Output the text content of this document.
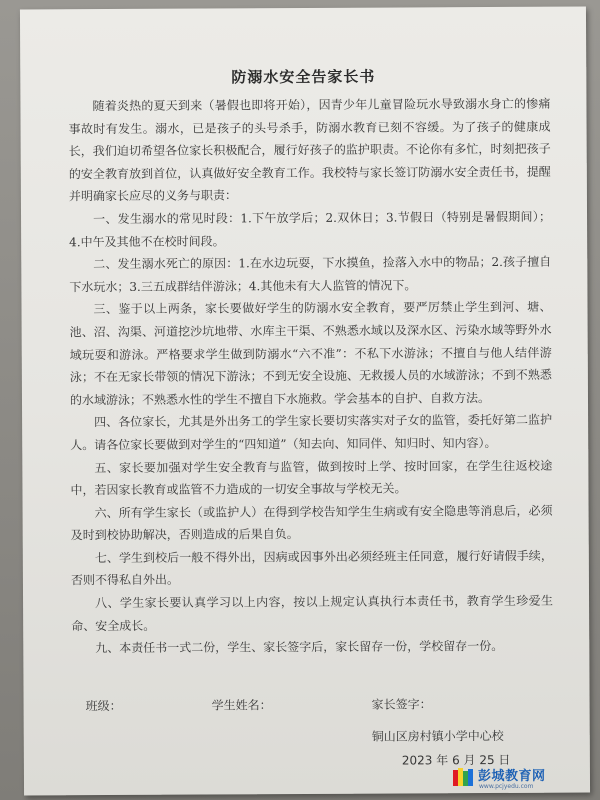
防溺水安全告家长书

随着炎热的夏天到来（暑假也即将开始），因青少年儿童冒险玩水导致溺水身亡的惨痛事故时有发生。溺水，已是孩子的头号杀手，防溺水教育已刻不容缓。为了孩子的健康成长，我们迫切希望各位家长积极配合，履行好孩子的监护职责。不论你有多忙，时刻把孩子的安全教育放到首位，认真做好安全教育工作。我校特与家长签订防溺水安全责任书，提醒并明确家长应尽的义务与职责：

一、发生溺水的常见时段：1.下午放学后；2.双休日；3.节假日（特别是暑假期间）；4.中午及其他不在校时间段。

二、发生溺水死亡的原因：1.在水边玩耍，下水摸鱼，捡落入水中的物品；2.孩子擅自下水玩水；3.三五成群结伴游泳；4.其他未有大人监管的情况下。

三、鉴于以上两条，家长要做好学生的防溺水安全教育，要严厉禁止学生到河、塘、池、沼、沟渠、河道挖沙坑地带、水库主干渠、不熟悉水域以及深水区、污染水域等野外水域玩耍和游泳。严格要求学生做到防溺水“六不准”：不私下水游泳；不擅自与他人结伴游泳；不在无家长带领的情况下游泳；不到无安全设施、无救援人员的水域游泳；不到不熟悉的水域游泳；不熟悉水性的学生不擅自下水施救。学会基本的自护、自救方法。

四、各位家长，尤其是外出务工的学生家长要切实落实对子女的监管，委托好第二监护人。请各位家长要做到对学生的“四知道”（知去向、知同伴、知归时、知内容）。

五、家长要加强对学生安全教育与监管，做到按时上学、按时回家，在学生往返校途中，若因家长教育或监管不力造成的一切安全事故与学校无关。

六、所有学生家长（或监护人）在得到学校告知学生生病或有安全隐患等消息后，必须及时到校协助解决，否则造成的后果自负。

七、学生到校后一般不得外出，因病或因事外出必须经班主任同意，履行好请假手续，否则不得私自外出。

八、学生家长要认真学习以上内容，按以上规定认真执行本责任书，教育学生珍爱生命、安全成长。

九、本责任书一式二份，学生、家长签字后，家长留存一份，学校留存一份。

班级：	学生姓名：	家长签字：
铜山区房村镇小学中心校
2023 年 6 月 25 日
彭城教育网
www.pcjyedu.com
